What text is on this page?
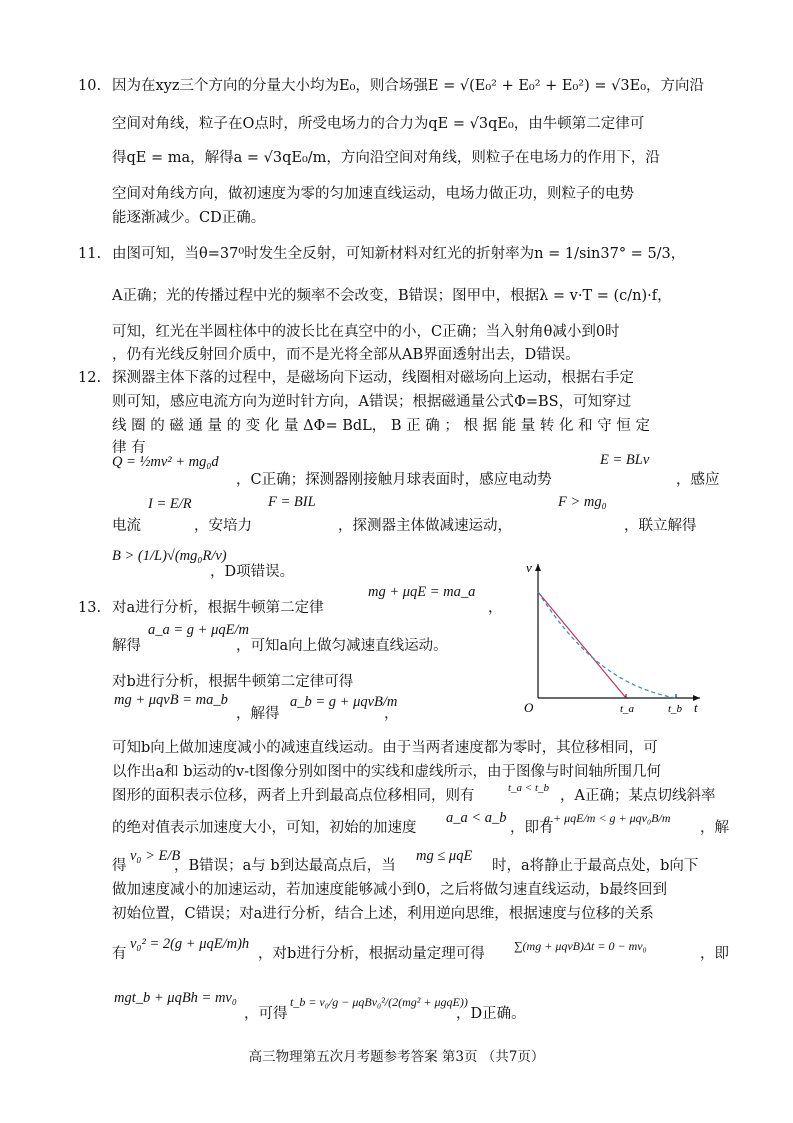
10. 因为在xyz三个方向的分量大小均为E₀，则合场强E = √(E₀² + E₀² + E₀²) = √3E₀，方向沿
空间对角线，粒子在O点时，所受电场力的合力为qE = √3qE₀，由牛顿第二定律可
得qE = ma，解得a = √3qE₀/m，方向沿空间对角线，则粒子在电场力的作用下，沿
空间对角线方向，做初速度为零的匀加速直线运动，电场力做正功，则粒子的电势
能逐渐减少。CD正确。
11. 由图可知，当θ=37⁰时发生全反射，可知新材料对红光的折射率为n = 1/sin37° = 5/3，
A正确；光的传播过程中光的频率不会改变，B错误；图甲中，根据λ = v·T = (c/n)·f，
可知，红光在半圆柱体中的波长比在真空中的小，C正确；当入射角θ减小到0时
，仍有光线反射回介质中，而不是光将全部从AB界面透射出去，D错误。
12. 探测器主体下落的过程中，是磁场向下运动，线圈相对磁场向上运动，根据右手定
则可知，感应电流方向为逆时针方向，A错误；根据磁通量公式Φ=BS，可知穿过
线 圈 的 磁 通 量 的 变 化 量 ΔΦ= BdL， B 正 确 ； 根 据 能 量 转 化 和 守 恒 定
律 有
Q = ½mv² + mg₀d	E = BLv
，C正确；探测器刚接触月球表面时，感应电动势	，感应
I = E/R	F = BIL	F > mg₀
电流	，安培力	，探测器主体做减速运动，	，联立解得
B > (1/L)√(mg₀R/v)
，D项错误。
13. 对a进行分析，根据牛顿第二定律
mg + μqE = ma_a
，
a_a = g + μqE/m
解得	，可知a向上做匀减速直线运动。
对b进行分析，根据牛顿第二定律可得
mg + μqvB = ma_b
，解得
a_b = g + μqvB/m
，
可知b向上做加速度减小的减速直线运动。由于当两者速度都为零时，其位移相同，可
以作出a和 b运动的v-t图像分别如图中的实线和虚线所示，由于图像与时间轴所围几何
图形的面积表示位移，两者上升到最高点位移相同，则有	t_a < t_b ，A正确；某点切线斜率
的绝对值表示加速度大小，可知，初始的加速度
a_a < a_b
，即有
g + μqE/m < g + μqv₀B/m
，解
得
v₀ > E/B
，B错误；a与 b到达最高点后，当
mg ≤ μqE
时，a将静止于最高点处，b向下
做加速度减小的加速运动，若加速度能够减小到0，之后将做匀速直线运动，b最终回到
初始位置，C错误；对a进行分析，结合上述，利用逆向思维，根据速度与位移的关系
有
v₀² = 2(g + μqE/m)h
，对b进行分析，根据动量定理可得 ∑(mg + μqvB)Δt = 0 − mv₀	，即
mgt_b + μqBh = mv₀
，可得
t_b = v₀/g − μqBv₀²/(2(mg² + μgqE))
，D正确。
v
t
O	t_a	t_b
高三物理第五次月考题参考答案 第3页 （共7页）
